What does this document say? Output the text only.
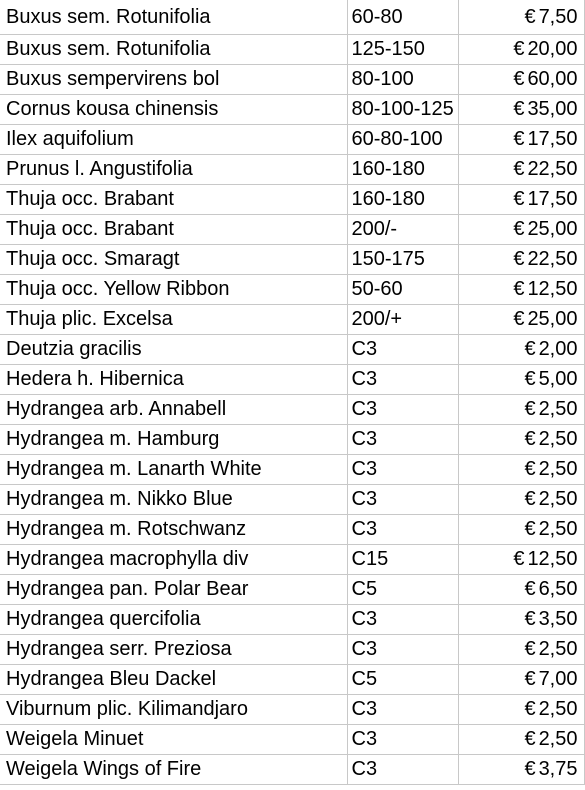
Buxus sem. Rotunifolia	60-80	€ 7,50
Buxus sem. Rotunifolia	125-150	€ 20,00
Buxus sempervirens bol	80-100	€ 60,00
Cornus kousa chinensis	80-100-125	€ 35,00
Ilex aquifolium	60-80-100	€ 17,50
Prunus l. Angustifolia	160-180	€ 22,50
Thuja occ. Brabant	160-180	€ 17,50
Thuja occ. Brabant	200/-	€ 25,00
Thuja occ. Smaragt	150-175	€ 22,50
Thuja occ. Yellow Ribbon	50-60	€ 12,50
Thuja plic. Excelsa	200/+	€ 25,00
Deutzia gracilis	C3	€ 2,00
Hedera h. Hibernica	C3	€ 5,00
Hydrangea arb. Annabell	C3	€ 2,50
Hydrangea m. Hamburg	C3	€ 2,50
Hydrangea m. Lanarth White	C3	€ 2,50
Hydrangea m. Nikko Blue	C3	€ 2,50
Hydrangea m. Rotschwanz	C3	€ 2,50
Hydrangea macrophylla div	C15	€ 12,50
Hydrangea pan. Polar Bear	C5	€ 6,50
Hydrangea quercifolia	C3	€ 3,50
Hydrangea serr. Preziosa	C3	€ 2,50
Hydrangea Bleu Dackel	C5	€ 7,00
Viburnum plic. Kilimandjaro	C3	€ 2,50
Weigela Minuet	C3	€ 2,50
Weigela Wings of Fire	C3	€ 3,75
